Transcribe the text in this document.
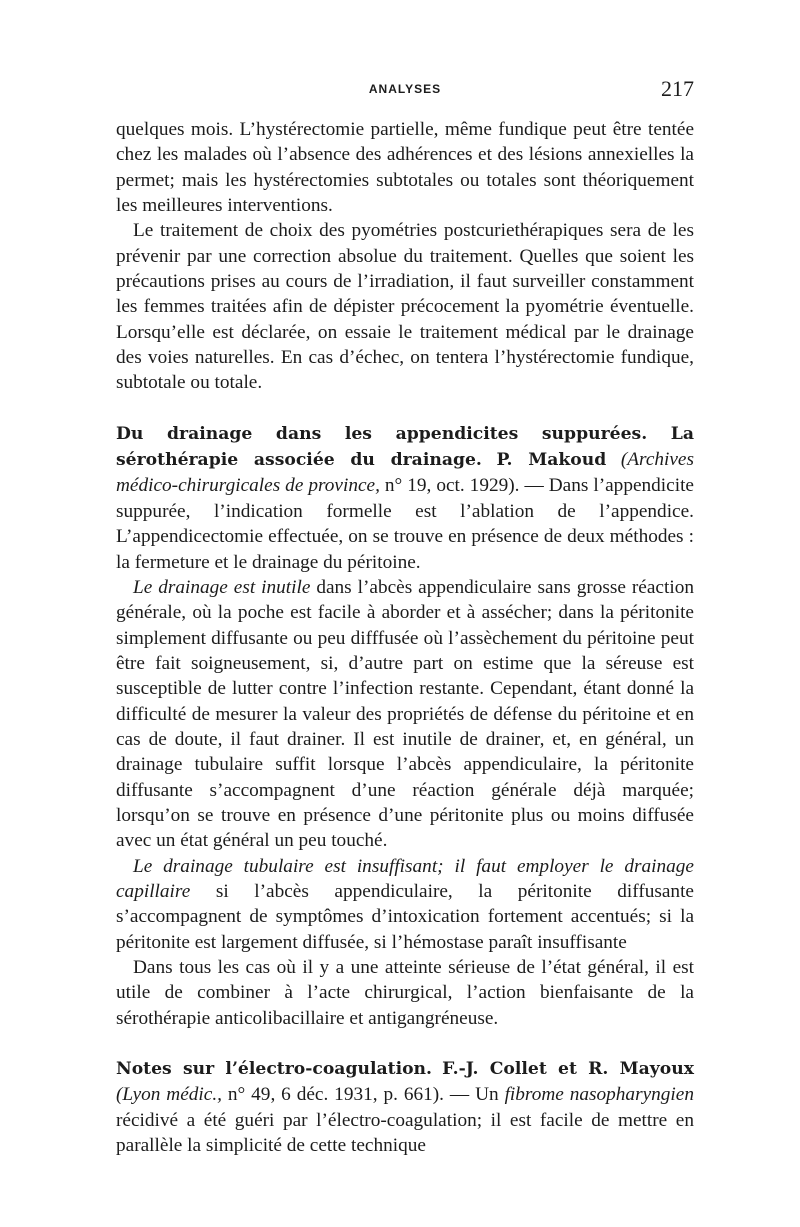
ANALYSES	217

quelques mois. L’hystérectomie partielle, même fundique peut être tentée chez les malades où l’absence des adhérences et des lésions annexielles la permet; mais les hystérectomies subtotales ou totales sont théoriquement les meilleures interventions.

Le traitement de choix des pyométries postcuriethérapiques sera de les prévenir par une correction absolue du traitement. Quelles que soient les précautions prises au cours de l’irradiation, il faut surveiller constamment les femmes traitées afin de dépister précocement la pyométrie éventuelle. Lorsqu’elle est déclarée, on essaie le traitement médical par le drainage des voies naturelles. En cas d’échec, on tentera l’hystérectomie fundique, subtotale ou totale.

Du drainage dans les appendicites suppurées. La sérothérapie associée du drainage. P. Makoud (Archives médico-chirurgicales de province, n° 19, oct. 1929). — Dans l’appendicite suppurée, l’indication formelle est l’ablation de l’appendice. L’appendicectomie effectuée, on se trouve en présence de deux méthodes : la fermeture et le drainage du péritoine.

Le drainage est inutile dans l’abcès appendiculaire sans grosse réaction générale, où la poche est facile à aborder et à assécher; dans la péritonite simplement diffusante ou peu difffusée où l’assèchement du péritoine peut être fait soigneusement, si, d’autre part on estime que la séreuse est susceptible de lutter contre l’infection restante. Cependant, étant donné la difficulté de mesurer la valeur des propriétés de défense du péritoine et en cas de doute, il faut drainer. Il est inutile de drainer, et, en général, un drainage tubulaire suffit lorsque l’abcès appendiculaire, la péritonite diffusante s’accompagnent d’une réaction générale déjà marquée; lorsqu’on se trouve en présence d’une péritonite plus ou moins diffusée avec un état général un peu touché.

Le drainage tubulaire est insuffisant; il faut employer le drainage capillaire si l’abcès appendiculaire, la péritonite diffusante s’accompagnent de symptômes d’intoxication fortement accentués; si la péritonite est largement diffusée, si l’hémostase paraît insuffisante

Dans tous les cas où il y a une atteinte sérieuse de l’état général, il est utile de combiner à l’acte chirurgical, l’action bienfaisante de la sérothérapie anticolibacillaire et antigangréneuse.

Notes sur l’électro-coagulation. F.-J. Collet et R. Mayoux (Lyon médic., n° 49, 6 déc. 1931, p. 661). — Un fibrome nasopharyngien récidivé a été guéri par l’électro-coagulation; il est facile de mettre en parallèle la simplicité de cette technique
